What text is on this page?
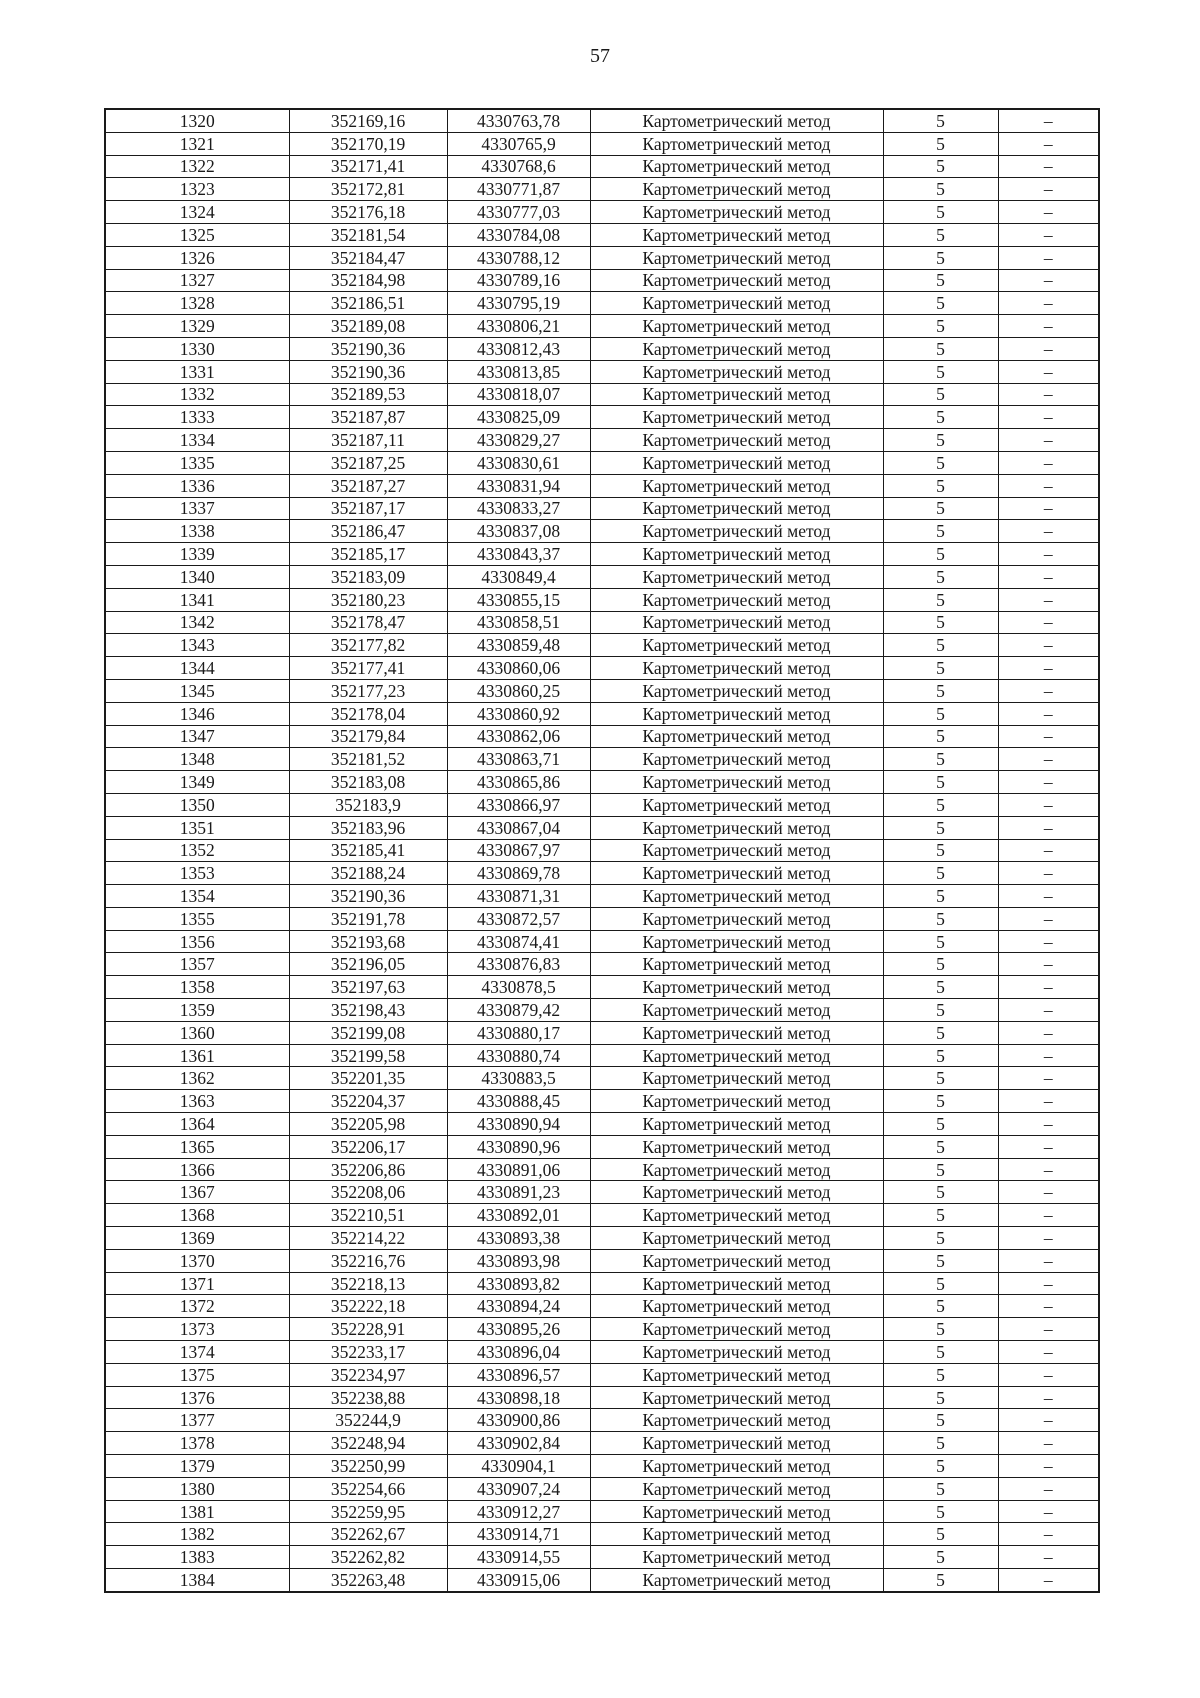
57
1320	352169,16	4330763,78	Картометрический метод	5	–
1321	352170,19	4330765,9	Картометрический метод	5	–
1322	352171,41	4330768,6	Картометрический метод	5	–
1323	352172,81	4330771,87	Картометрический метод	5	–
1324	352176,18	4330777,03	Картометрический метод	5	–
1325	352181,54	4330784,08	Картометрический метод	5	–
1326	352184,47	4330788,12	Картометрический метод	5	–
1327	352184,98	4330789,16	Картометрический метод	5	–
1328	352186,51	4330795,19	Картометрический метод	5	–
1329	352189,08	4330806,21	Картометрический метод	5	–
1330	352190,36	4330812,43	Картометрический метод	5	–
1331	352190,36	4330813,85	Картометрический метод	5	–
1332	352189,53	4330818,07	Картометрический метод	5	–
1333	352187,87	4330825,09	Картометрический метод	5	–
1334	352187,11	4330829,27	Картометрический метод	5	–
1335	352187,25	4330830,61	Картометрический метод	5	–
1336	352187,27	4330831,94	Картометрический метод	5	–
1337	352187,17	4330833,27	Картометрический метод	5	–
1338	352186,47	4330837,08	Картометрический метод	5	–
1339	352185,17	4330843,37	Картометрический метод	5	–
1340	352183,09	4330849,4	Картометрический метод	5	–
1341	352180,23	4330855,15	Картометрический метод	5	–
1342	352178,47	4330858,51	Картометрический метод	5	–
1343	352177,82	4330859,48	Картометрический метод	5	–
1344	352177,41	4330860,06	Картометрический метод	5	–
1345	352177,23	4330860,25	Картометрический метод	5	–
1346	352178,04	4330860,92	Картометрический метод	5	–
1347	352179,84	4330862,06	Картометрический метод	5	–
1348	352181,52	4330863,71	Картометрический метод	5	–
1349	352183,08	4330865,86	Картометрический метод	5	–
1350	352183,9	4330866,97	Картометрический метод	5	–
1351	352183,96	4330867,04	Картометрический метод	5	–
1352	352185,41	4330867,97	Картометрический метод	5	–
1353	352188,24	4330869,78	Картометрический метод	5	–
1354	352190,36	4330871,31	Картометрический метод	5	–
1355	352191,78	4330872,57	Картометрический метод	5	–
1356	352193,68	4330874,41	Картометрический метод	5	–
1357	352196,05	4330876,83	Картометрический метод	5	–
1358	352197,63	4330878,5	Картометрический метод	5	–
1359	352198,43	4330879,42	Картометрический метод	5	–
1360	352199,08	4330880,17	Картометрический метод	5	–
1361	352199,58	4330880,74	Картометрический метод	5	–
1362	352201,35	4330883,5	Картометрический метод	5	–
1363	352204,37	4330888,45	Картометрический метод	5	–
1364	352205,98	4330890,94	Картометрический метод	5	–
1365	352206,17	4330890,96	Картометрический метод	5	–
1366	352206,86	4330891,06	Картометрический метод	5	–
1367	352208,06	4330891,23	Картометрический метод	5	–
1368	352210,51	4330892,01	Картометрический метод	5	–
1369	352214,22	4330893,38	Картометрический метод	5	–
1370	352216,76	4330893,98	Картометрический метод	5	–
1371	352218,13	4330893,82	Картометрический метод	5	–
1372	352222,18	4330894,24	Картометрический метод	5	–
1373	352228,91	4330895,26	Картометрический метод	5	–
1374	352233,17	4330896,04	Картометрический метод	5	–
1375	352234,97	4330896,57	Картометрический метод	5	–
1376	352238,88	4330898,18	Картометрический метод	5	–
1377	352244,9	4330900,86	Картометрический метод	5	–
1378	352248,94	4330902,84	Картометрический метод	5	–
1379	352250,99	4330904,1	Картометрический метод	5	–
1380	352254,66	4330907,24	Картометрический метод	5	–
1381	352259,95	4330912,27	Картометрический метод	5	–
1382	352262,67	4330914,71	Картометрический метод	5	–
1383	352262,82	4330914,55	Картометрический метод	5	–
1384	352263,48	4330915,06	Картометрический метод	5	–
